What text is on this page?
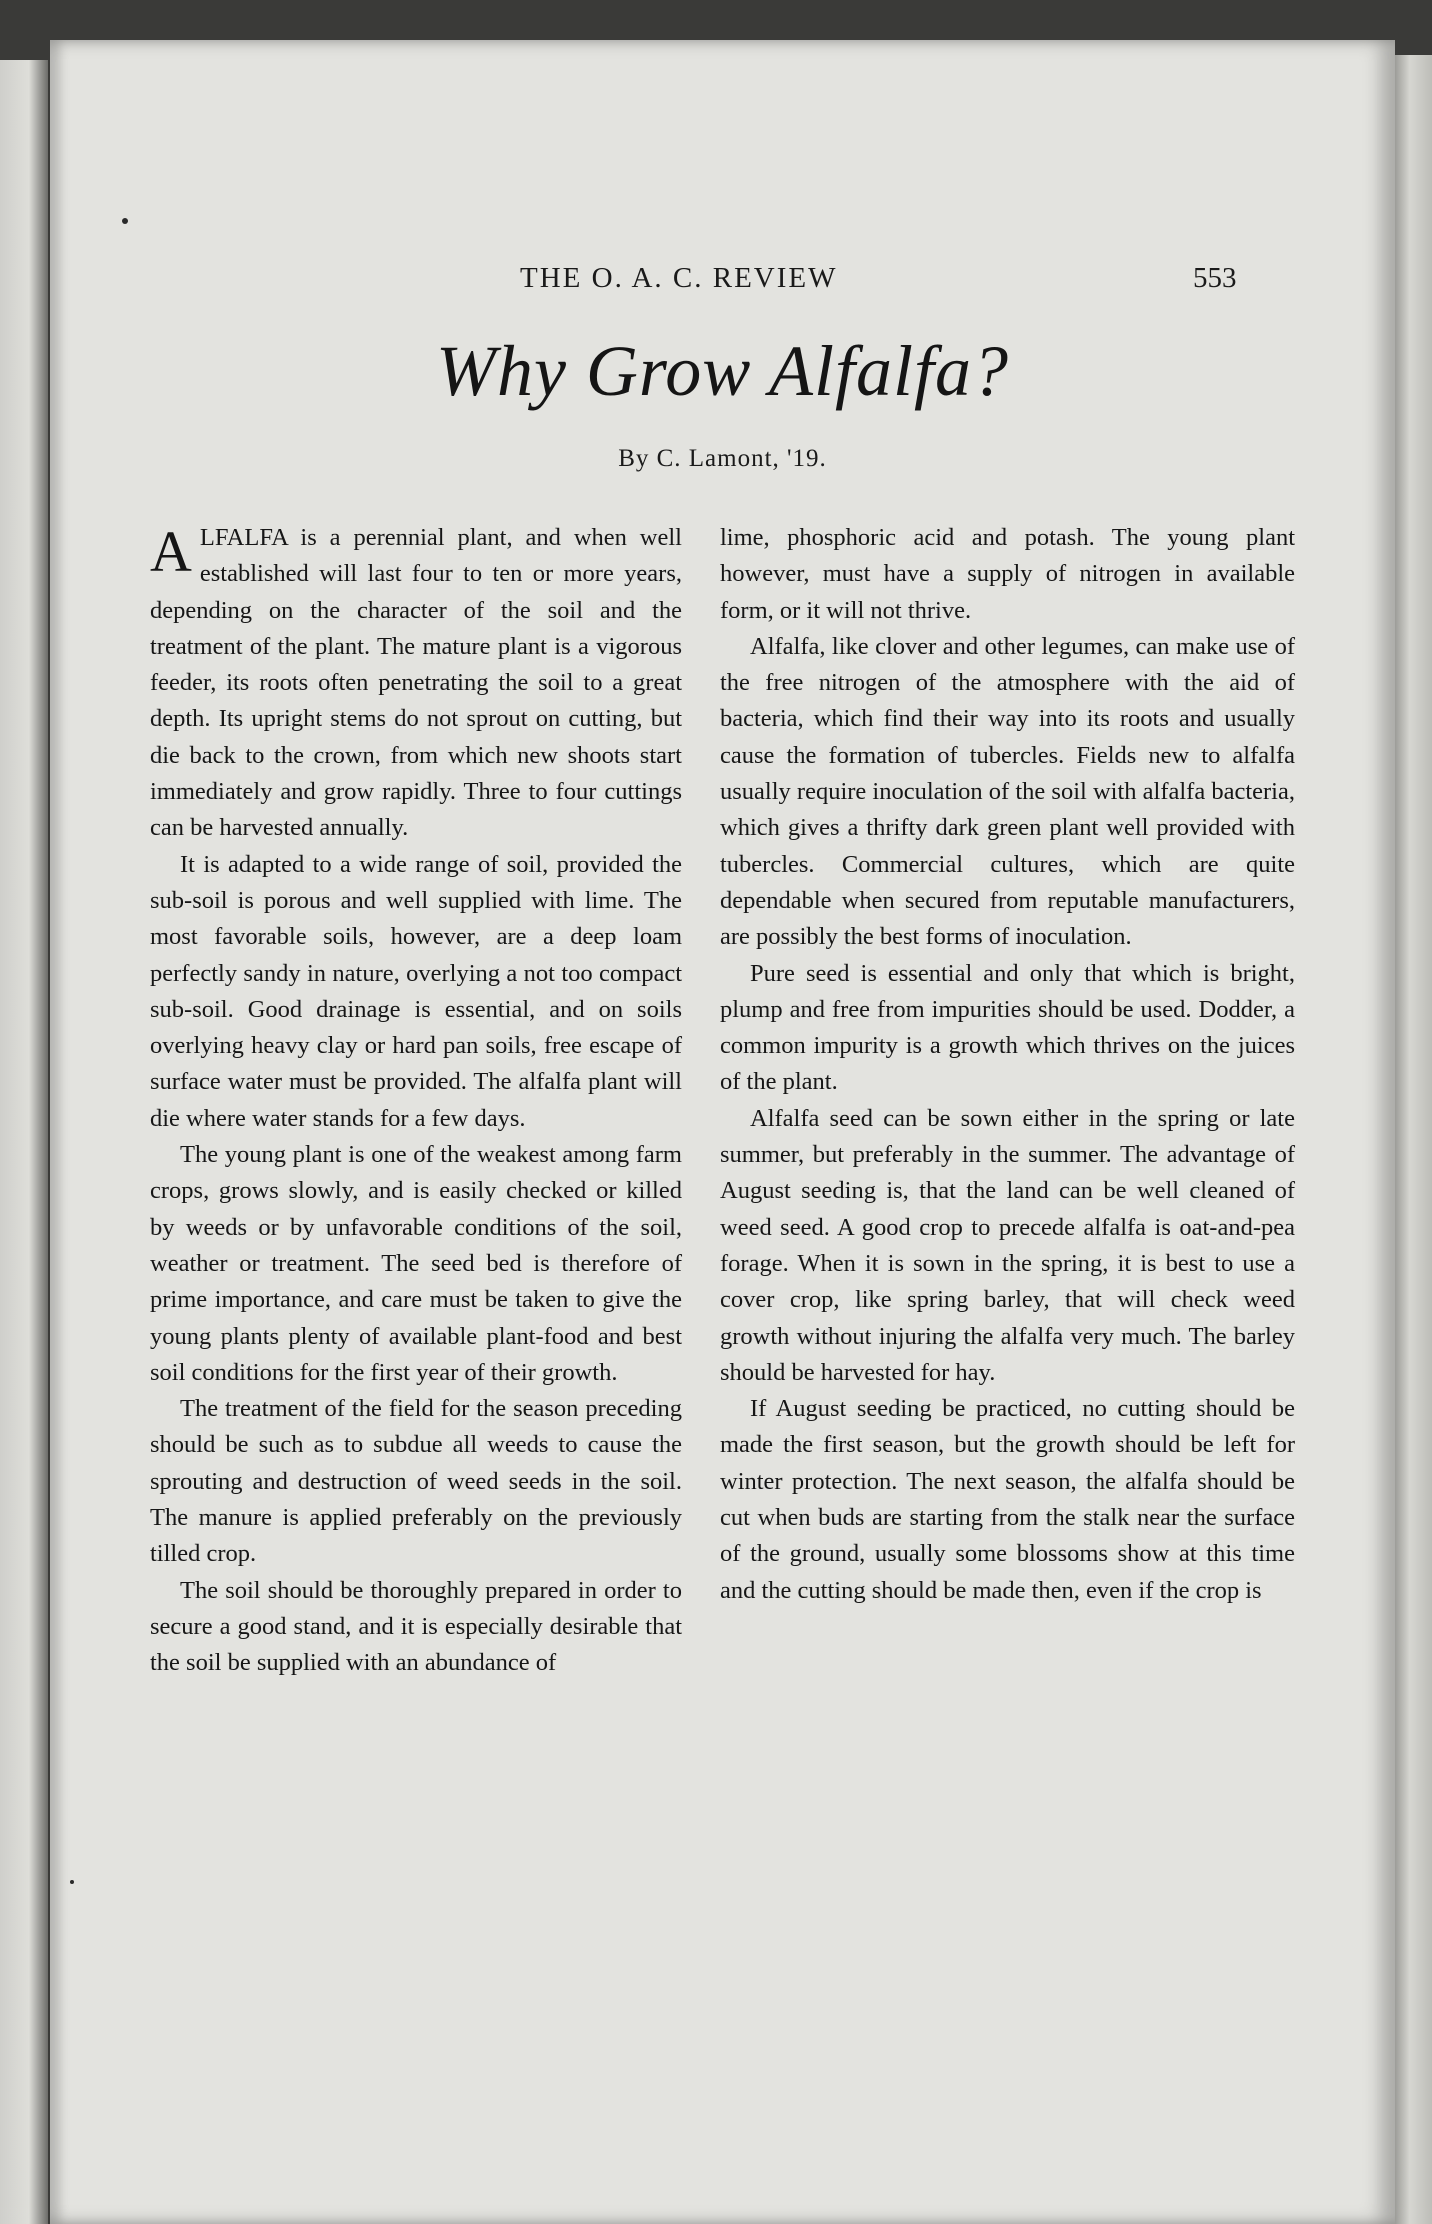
THE O. A. C. REVIEW	553
Why Grow Alfalfa?
By C. Lamont, '19.

ALFALFA is a perennial plant, and when well established will last four to ten or more years, depending on the character of the soil and the treatment of the plant. The mature plant is a vigorous feeder, its roots often penetrating the soil to a great depth. Its upright stems do not sprout on cutting, but die back to the crown, from which new shoots start immediately and grow rapidly. Three to four cuttings can be harvested annually.

It is adapted to a wide range of soil, provided the sub-soil is porous and well supplied with lime. The most favorable soils, however, are a deep loam perfectly sandy in nature, overlying a not too compact sub-soil. Good drainage is essential, and on soils overlying heavy clay or hard pan soils, free escape of surface water must be provided. The alfalfa plant will die where water stands for a few days.

The young plant is one of the weakest among farm crops, grows slowly, and is easily checked or killed by weeds or by unfavorable conditions of the soil, weather or treatment. The seed bed is therefore of prime importance, and care must be taken to give the young plants plenty of available plant-food and best soil conditions for the first year of their growth.

The treatment of the field for the season preceding should be such as to subdue all weeds to cause the sprouting and destruction of weed seeds in the soil. The manure is applied preferably on the previously tilled crop.

The soil should be thoroughly prepared in order to secure a good stand, and it is especially desirable that the soil be supplied with an abundance of

lime, phosphoric acid and potash. The young plant however, must have a supply of nitrogen in available form, or it will not thrive.

Alfalfa, like clover and other legumes, can make use of the free nitrogen of the atmosphere with the aid of bacteria, which find their way into its roots and usually cause the formation of tubercles. Fields new to alfalfa usually require inoculation of the soil with alfalfa bacteria, which gives a thrifty dark green plant well provided with tubercles. Commercial cultures, which are quite dependable when secured from reputable manufacturers, are possibly the best forms of inoculation.

Pure seed is essential and only that which is bright, plump and free from impurities should be used. Dodder, a common impurity is a growth which thrives on the juices of the plant.

Alfalfa seed can be sown either in the spring or late summer, but preferably in the summer. The advantage of August seeding is, that the land can be well cleaned of weed seed. A good crop to precede alfalfa is oat-and-pea forage. When it is sown in the spring, it is best to use a cover crop, like spring barley, that will check weed growth without injuring the alfalfa very much. The barley should be harvested for hay.

If August seeding be practiced, no cutting should be made the first season, but the growth should be left for winter protection. The next season, the alfalfa should be cut when buds are starting from the stalk near the surface of the ground, usually some blossoms show at this time and the cutting should be made then, even if the crop is
